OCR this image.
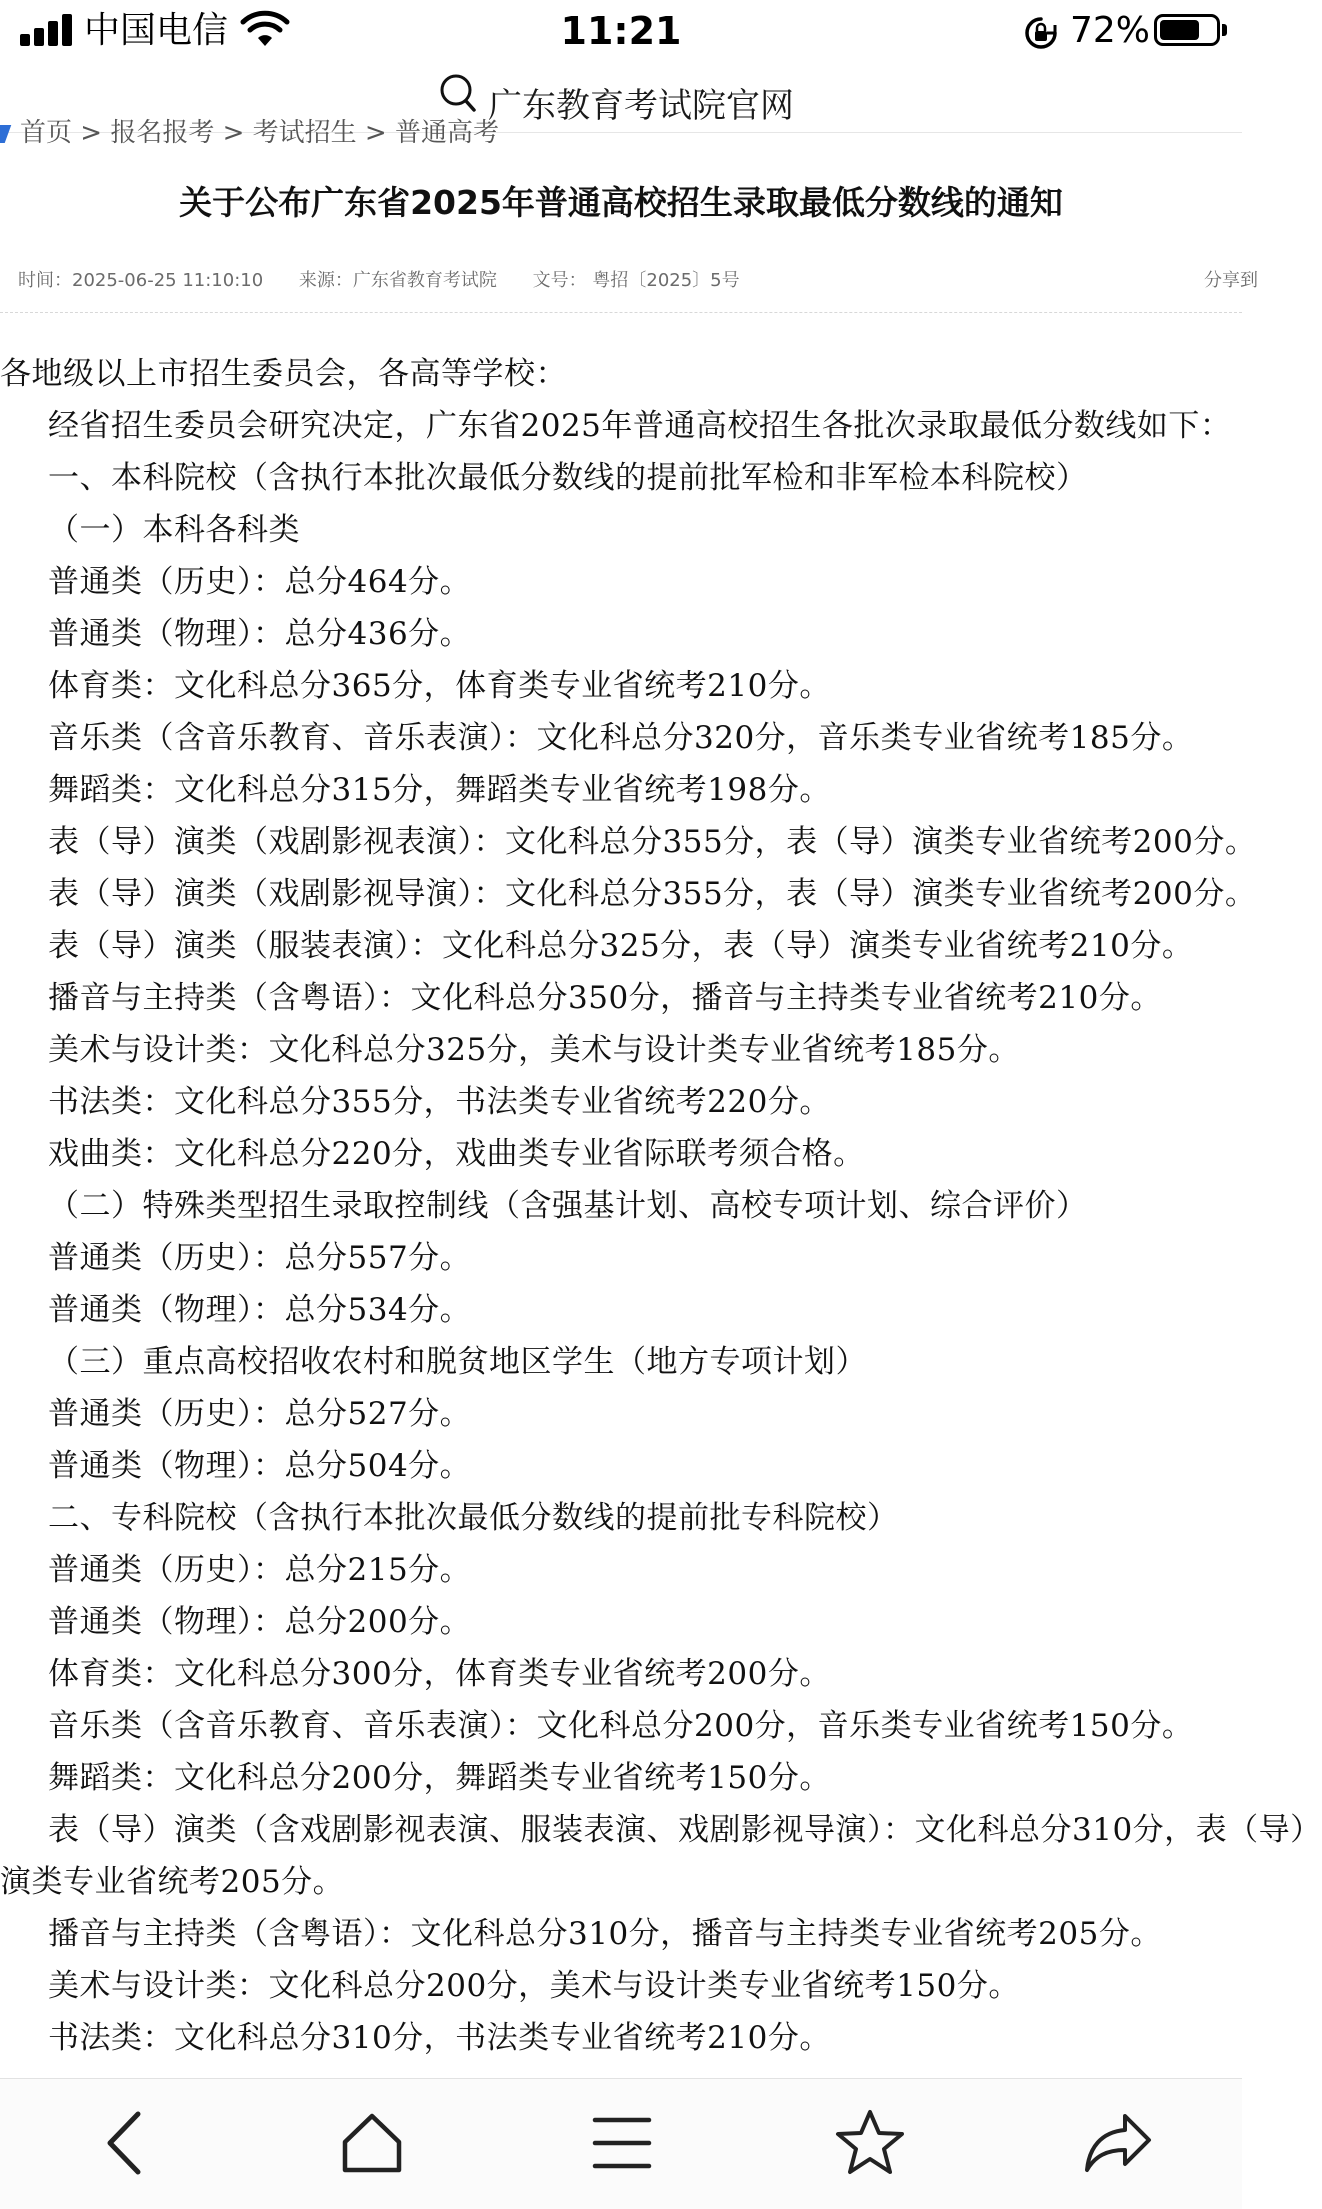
中国电信	11:21	72%
广东教育考试院官网
首页 > 报名报考 > 考试招生 > 普通高考
关于公布广东省2025年普通高校招生录取最低分数线的通知
时间：2025-06-25 11:10:10 来源：广东省教育考试院 文号： 粤招〔2025〕5号	分享到
各地级以上市招生委员会，各高等学校：
经省招生委员会研究决定，广东省2025年普通高校招生各批次录取最低分数线如下：
一、本科院校（含执行本批次最低分数线的提前批军检和非军检本科院校）
（一）本科各科类
普通类（历史）：总分464分。
普通类（物理）：总分436分。
体育类：文化科总分365分，体育类专业省统考210分。
音乐类（含音乐教育、音乐表演）：文化科总分320分，音乐类专业省统考185分。
舞蹈类：文化科总分315分，舞蹈类专业省统考198分。
表（导）演类（戏剧影视表演）：文化科总分355分，表（导）演类专业省统考200分。
表（导）演类（戏剧影视导演）：文化科总分355分，表（导）演类专业省统考200分。
表（导）演类（服装表演）：文化科总分325分，表（导）演类专业省统考210分。
播音与主持类（含粤语）：文化科总分350分，播音与主持类专业省统考210分。
美术与设计类：文化科总分325分，美术与设计类专业省统考185分。
书法类：文化科总分355分，书法类专业省统考220分。
戏曲类：文化科总分220分，戏曲类专业省际联考须合格。
（二）特殊类型招生录取控制线（含强基计划、高校专项计划、综合评价）
普通类（历史）：总分557分。
普通类（物理）：总分534分。
（三）重点高校招收农村和脱贫地区学生（地方专项计划）
普通类（历史）：总分527分。
普通类（物理）：总分504分。
二、专科院校（含执行本批次最低分数线的提前批专科院校）
普通类（历史）：总分215分。
普通类（物理）：总分200分。
体育类：文化科总分300分，体育类专业省统考200分。
音乐类（含音乐教育、音乐表演）：文化科总分200分，音乐类专业省统考150分。
舞蹈类：文化科总分200分，舞蹈类专业省统考150分。
表（导）演类（含戏剧影视表演、服装表演、戏剧影视导演）：文化科总分310分，表（导）
演类专业省统考205分。
播音与主持类（含粤语）：文化科总分310分，播音与主持类专业省统考205分。
美术与设计类：文化科总分200分，美术与设计类专业省统考150分。
书法类：文化科总分310分，书法类专业省统考210分。
